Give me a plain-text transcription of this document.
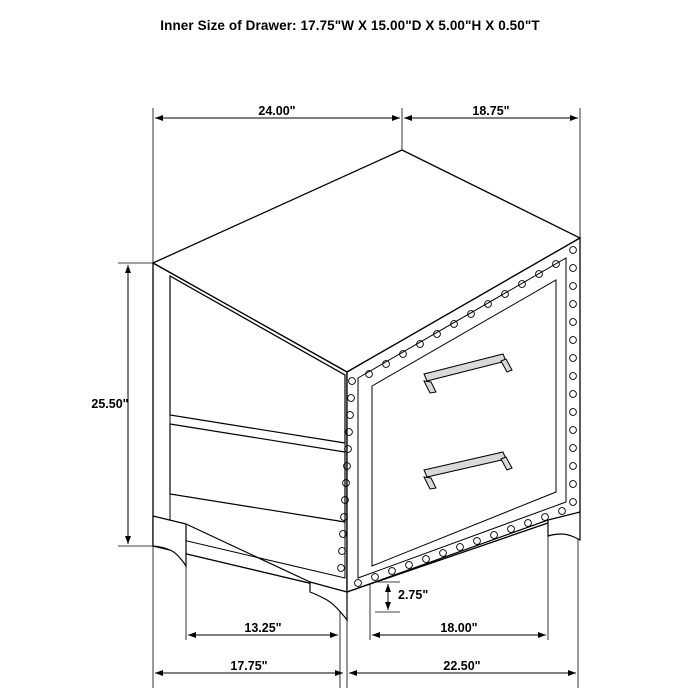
Inner Size of Drawer: 17.75"W X 15.00"D X 5.00"H X 0.50"T
24.00"	18.75"
25.50"
2.75"
13.25"	18.00"
17.75"	22.50"
